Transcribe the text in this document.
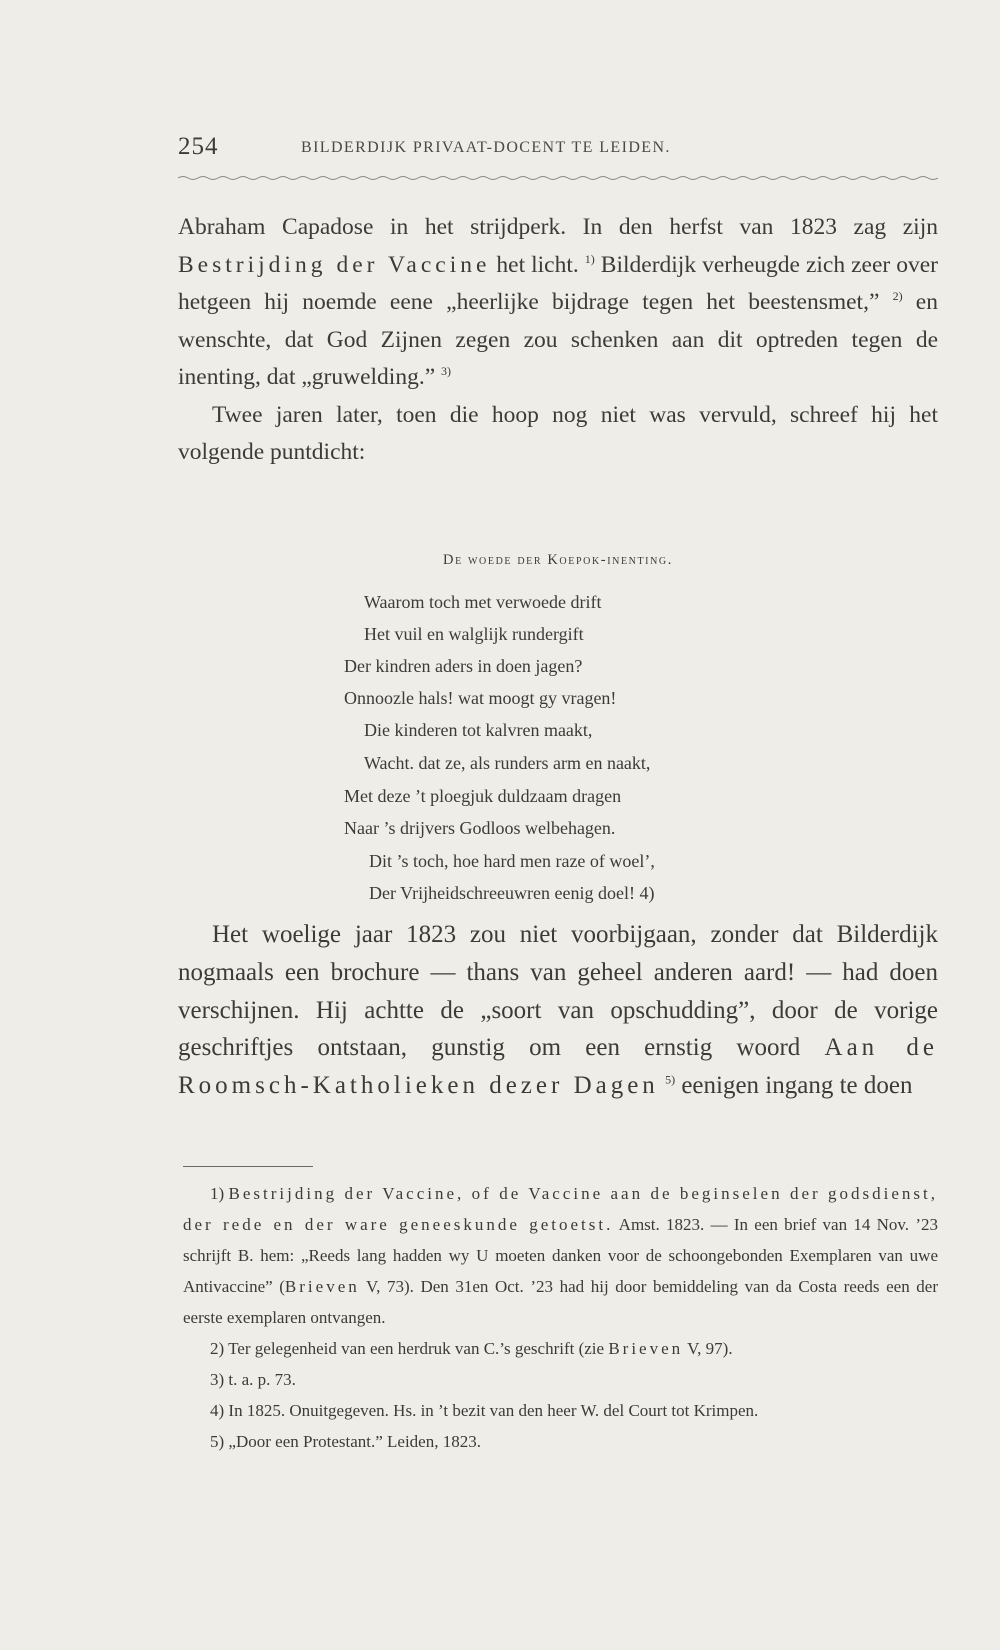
254	BILDERDIJK PRIVAAT-DOCENT TE LEIDEN.

Abraham Capadose in het strijdperk. In den herfst van 1823 zag zijn Bestrijding der Vaccine het licht. $^{1)}$ Bilderdijk verheugde zich zeer over hetgeen hij noemde eene „heerlijke bijdrage tegen het beestensmet,” $^{2)}$ en wenschte, dat God Zijnen zegen zou schenken aan dit optreden tegen de inenting, dat „gruwelding.” $^{3)}$

Twee jaren later, toen die hoop nog niet was vervuld, schreef hij het volgende puntdicht:

De woede der Koepok-inenting.
Waarom toch met verwoede drift
Het vuil en walglijk rundergift
Der kindren aders in doen jagen?
Onnoozle hals! wat moogt gy vragen!
Die kinderen tot kalvren maakt,
Wacht. dat ze, als runders arm en naakt,
Met deze ’t ploegjuk duldzaam dragen
Naar ’s drijvers Godloos welbehagen.
Dit ’s toch, hoe hard men raze of woel’,
Der Vrijheidschreeuwren eenig doel! 4)

Het woelige jaar 1823 zou niet voorbijgaan, zonder dat Bilderdijk nogmaals een brochure — thans van geheel anderen aard! — had doen verschijnen. Hij achtte de „soort van opschudding”, door de vorige geschriftjes ontstaan, gunstig om een ernstig woord Aan de Roomsch-Katholieken dezer Dagen $^{5)}$ eenigen ingang te doen

1) Bestrijding der Vaccine, of de Vaccine aan de beginselen der godsdienst, der rede en der ware geneeskunde getoetst. Amst. 1823. — In een brief van 14 Nov. ’23 schrijft B. hem: „Reeds lang hadden wy U moeten danken voor de schoongebonden Exemplaren van uwe Antivaccine” (Brieven V, 73). Den 31en Oct. ’23 had hij door bemiddeling van da Costa reeds een der eerste exemplaren ontvangen.

2) Ter gelegenheid van een herdruk van C.’s geschrift (zie Brieven V, 97).

3) t. a. p. 73.

4) In 1825. Onuitgegeven. Hs. in ’t bezit van den heer W. del Court tot Krimpen.

5) „Door een Protestant.” Leiden, 1823.
